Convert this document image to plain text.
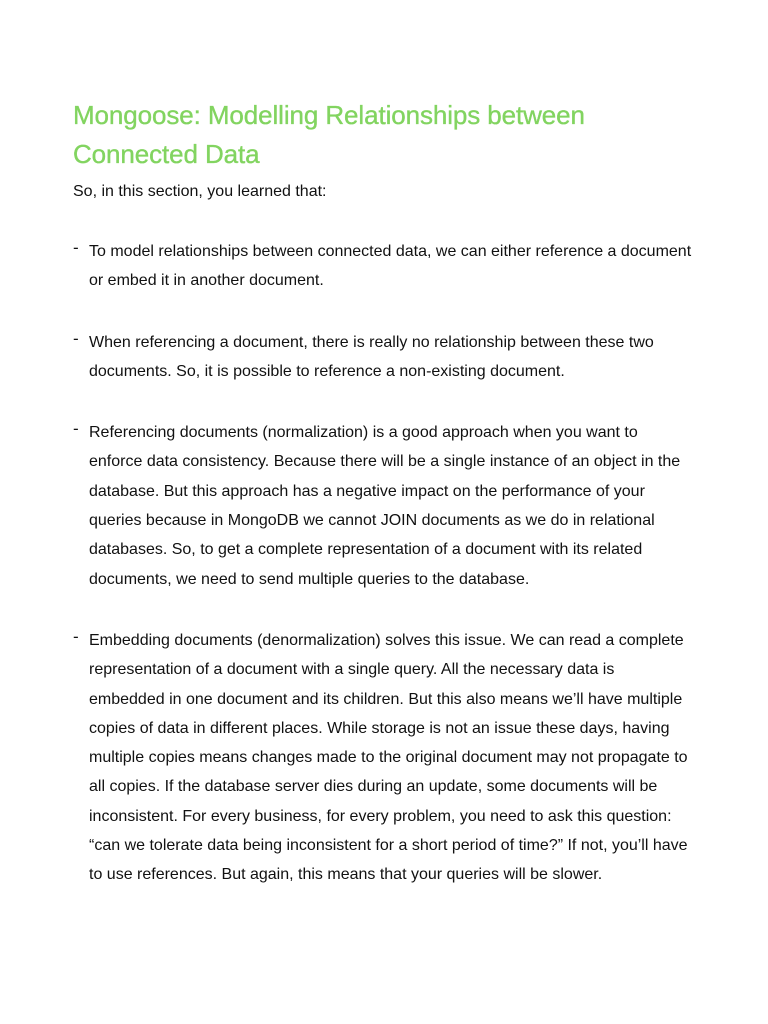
Mongoose: Modelling Relationships between Connected Data

So, in this section, you learned that:

- To model relationships between connected data, we can either reference a document or embed it in another document.
- When referencing a document, there is really no relationship between these two documents. So, it is possible to reference a non-existing document.
- Referencing documents (normalization) is a good approach when you want to enforce data consistency. Because there will be a single instance of an object in the database. But this approach has a negative impact on the performance of your queries because in MongoDB we cannot JOIN documents as we do in relational databases. So, to get a complete representation of a document with its related documents, we need to send multiple queries to the database.
- Embedding documents (denormalization) solves this issue. We can read a complete representation of a document with a single query. All the necessary data is embedded in one document and its children. But this also means we’ll have multiple copies of data in different places. While storage is not an issue these days, having multiple copies means changes made to the original document may not propagate to all copies. If the database server dies during an update, some documents will be inconsistent. For every business, for every problem, you need to ask this question: “can we tolerate data being inconsistent for a short period of time?” If not, you’ll have to use references. But again, this means that your queries will be slower.
